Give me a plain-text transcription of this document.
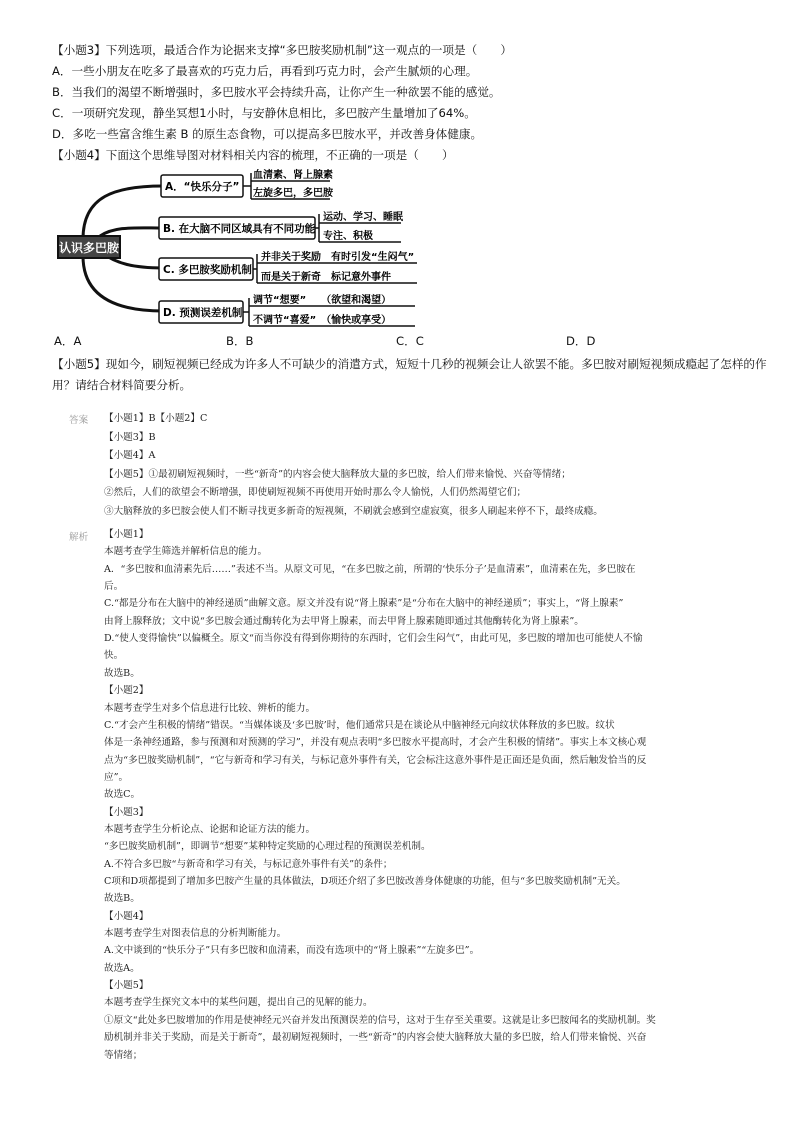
【小题3】下列选项，最适合作为论据来支撑“多巴胺奖励机制”这一观点的一项是（　　）
A．一些小朋友在吃多了最喜欢的巧克力后，再看到巧克力时，会产生腻烦的心理。
B．当我们的渴望不断增强时，多巴胺水平会持续升高，让你产生一种欲罢不能的感觉。
C．一项研究发现，静坐冥想1小时，与安静休息相比，多巴胺产生量增加了64%。
D．多吃一些富含维生素 B 的原生态食物，可以提高多巴胺水平，并改善身体健康。
【小题4】下面这个思维导图对材料相关内容的梳理，不正确的一项是（　　）
认识多巴胺
A．“快乐分子”
血清素、肾上腺素
左旋多巴，多巴胺
B. 在大脑不同区域具有不同功能
运动、学习、睡眠
专注、积极
C. 多巴胺奖励机制
并非关于奖励　有时引发“生闷气”
而是关于新奇　标记意外事件
D. 预测误差机制
调节“想要”　　（欲望和渴望）
不调节“喜爱”　（愉快或享受）
A．A	B．B	C．C	D．D
【小题5】现如今，刷短视频已经成为许多人不可缺少的消遣方式，短短十几秒的视频会让人欲罢不能。多巴胺对刷短视频成瘾起了怎样的作
用？请结合材料简要分析。
答案 【小题1】B【小题2】C
【小题3】B
【小题4】A
【小题5】①最初刷短视频时，一些“新奇”的内容会使大脑释放大量的多巴胺，给人们带来愉悦、兴奋等情绪；
②然后，人们的欲望会不断增强，即使刷短视频不再使用开始时那么令人愉悦，人们仍然渴望它们；
③大脑释放的多巴胺会使人们不断寻找更多新奇的短视频，不刷就会感到空虚寂寞，很多人刷起来停不下，最终成瘾。
解析 【小题1】
本题考查学生筛选并解析信息的能力。
A．“多巴胺和血清素先后……”表述不当。从原文可见，“在多巴胺之前，所谓的‘快乐分子’是血清素”，血清素在先，多巴胺在
后。
C.“都是分布在大脑中的神经递质”曲解文意。原文并没有说“肾上腺素”是“分布在大脑中的神经递质”；事实上，“肾上腺素”
由肾上腺释放；文中说“多巴胺会通过酶转化为去甲肾上腺素，而去甲肾上腺素随即通过其他酶转化为肾上腺素”。
D.“使人变得愉快”以偏概全。原文“而当你没有得到你期待的东西时，它们会生闷气”，由此可见，多巴胺的增加也可能使人不愉
快。
故选B。
【小题2】
本题考查学生对多个信息进行比较、辨析的能力。
C.“才会产生积极的情绪”错误。“当媒体谈及‘多巴胺’时，他们通常只是在谈论从中脑神经元向纹状体释放的多巴胺。纹状
体是一条神经通路，参与预测和对预测的学习”，并没有观点表明“多巴胺水平提高时，才会产生积极的情绪”。事实上本文核心观
点为“多巴胺奖励机制”，“它与新奇和学习有关，与标记意外事件有关，它会标注这意外事件是正面还是负面，然后触发恰当的反
应”。
故选C。
【小题3】
本题考查学生分析论点、论据和论证方法的能力。
“多巴胺奖励机制”，即调节“想要”某种特定奖励的心理过程的预测误差机制。
A.不符合多巴胺“与新奇和学习有关，与标记意外事件有关”的条件；
C项和D项都提到了增加多巴胺产生量的具体做法，D项还介绍了多巴胺改善身体健康的功能，但与“多巴胺奖励机制”无关。
故选B。
【小题4】
本题考查学生对图表信息的分析判断能力。
A.文中谈到的“快乐分子”只有多巴胺和血清素，而没有选项中的“肾上腺素”“左旋多巴”。
故选A。
【小题5】
本题考查学生探究文本中的某些问题，提出自己的见解的能力。
①原文“此处多巴胺增加的作用是使神经元兴奋并发出预测误差的信号，这对于生存至关重要。这就是让多巴胺闻名的奖励机制。奖
励机制并非关于奖励，而是关于新奇”，最初刷短视频时，一些“新奇”的内容会使大脑释放大量的多巴胺，给人们带来愉悦、兴奋
等情绪；
